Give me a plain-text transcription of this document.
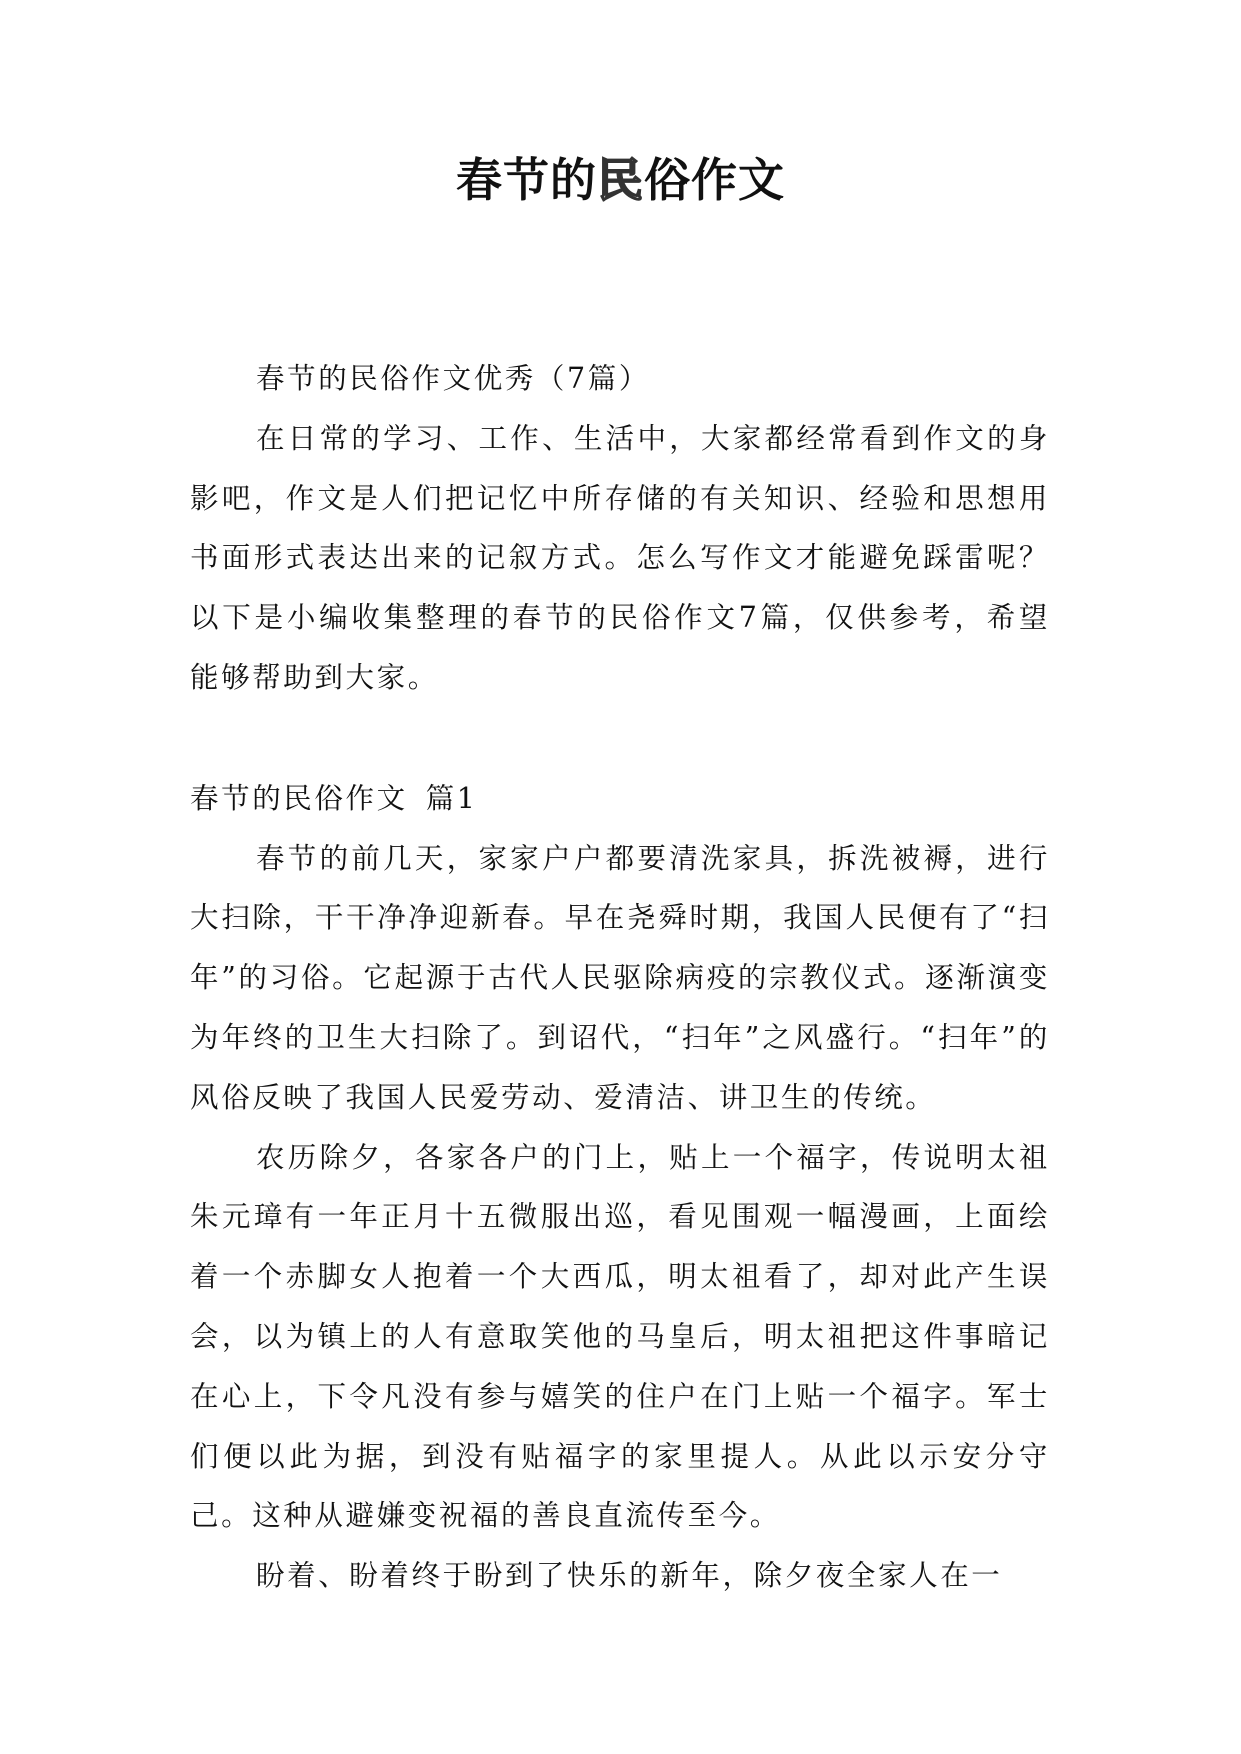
春节的民俗作文

春节的民俗作文优秀（7篇）

在日常的学习、工作、生活中，大家都经常看到作文的身影吧，作文是人们把记忆中所存储的有关知识、经验和思想用书面形式表达出来的记叙方式。怎么写作文才能避免踩雷呢？以下是小编收集整理的春节的民俗作文7篇，仅供参考，希望能够帮助到大家。

春节的民俗作文 篇1

春节的前几天，家家户户都要清洗家具，拆洗被褥，进行大扫除，干干净净迎新春。早在尧舜时期，我国人民便有了“扫年”的习俗。它起源于古代人民驱除病疫的宗教仪式。逐渐演变为年终的卫生大扫除了。到诏代，“扫年”之风盛行。“扫年”的风俗反映了我国人民爱劳动、爱清洁、讲卫生的传统。

农历除夕，各家各户的门上，贴上一个福字，传说明太祖朱元璋有一年正月十五微服出巡，看见围观一幅漫画，上面绘着一个赤脚女人抱着一个大西瓜，明太祖看了，却对此产生误会，以为镇上的人有意取笑他的马皇后，明太祖把这件事暗记在心上，下令凡没有参与嬉笑的住户在门上贴一个福字。军士们便以此为据，到没有贴福字的家里提人。从此以示安分守己。这种从避嫌变祝福的善良直流传至今。

盼着、盼着终于盼到了快乐的新年，除夕夜全家人在一
